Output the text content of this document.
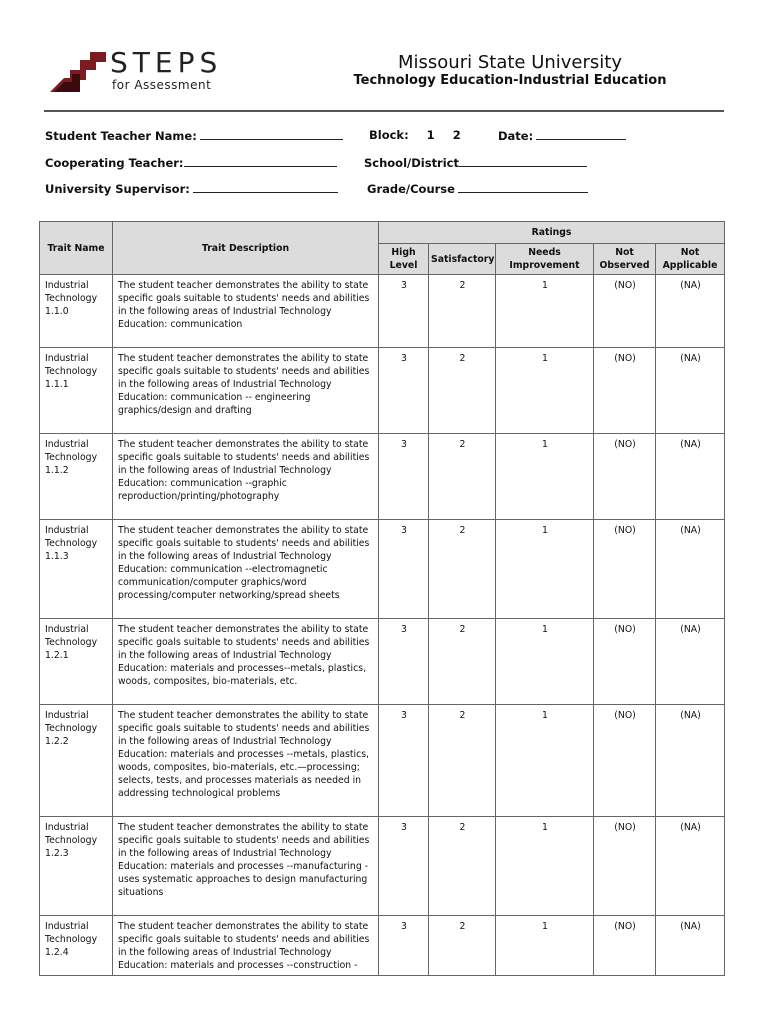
STEPS
for Assessment
Missouri State University
Technology Education-Industrial Education
Student Teacher Name:	Block: 1 2	Date:
Cooperating Teacher:	School/District
University Supervisor:	Grade/Course
Trait Name	Trait Description	Ratings				
		High Level	Satisfactory	Needs Improvement	Not Observed	Not Applicable
Industrial Technology 1.1.0	The student teacher demonstrates the ability to state specific goals suitable to students' needs and abilities in the following areas of Industrial Technology Education: communication	3	2	1	(NO)	(NA)
Industrial Technology 1.1.1	The student teacher demonstrates the ability to state specific goals suitable to students' needs and abilities in the following areas of Industrial Technology Education: communication -- engineering graphics/design and drafting	3	2	1	(NO)	(NA)
Industrial Technology 1.1.2	The student teacher demonstrates the ability to state specific goals suitable to students' needs and abilities in the following areas of Industrial Technology Education: communication --graphic reproduction/printing/photography	3	2	1	(NO)	(NA)
Industrial Technology 1.1.3	The student teacher demonstrates the ability to state specific goals suitable to students' needs and abilities in the following areas of Industrial Technology Education: communication --electromagnetic communication/computer graphics/word processing/computer networking/spread sheets	3	2	1	(NO)	(NA)
Industrial Technology 1.2.1	The student teacher demonstrates the ability to state specific goals suitable to students' needs and abilities in the following areas of Industrial Technology Education: materials and processes--metals, plastics, woods, composites, bio-materials, etc.	3	2	1	(NO)	(NA)
Industrial Technology 1.2.2	The student teacher demonstrates the ability to state specific goals suitable to students' needs and abilities in the following areas of Industrial Technology Education: materials and processes --metals, plastics, woods, composites, bio-materials, etc.—processing; selects, tests, and processes materials as needed in addressing technological problems	3	2	1	(NO)	(NA)
Industrial Technology 1.2.3	The student teacher demonstrates the ability to state specific goals suitable to students' needs and abilities in the following areas of Industrial Technology Education: materials and processes --manufacturing - uses systematic approaches to design manufacturing situations	3	2	1	(NO)	(NA)
Industrial Technology 1.2.4	The student teacher demonstrates the ability to state specific goals suitable to students' needs and abilities in the following areas of Industrial Technology Education: materials and processes --construction -	3	2	1	(NO)	(NA)
